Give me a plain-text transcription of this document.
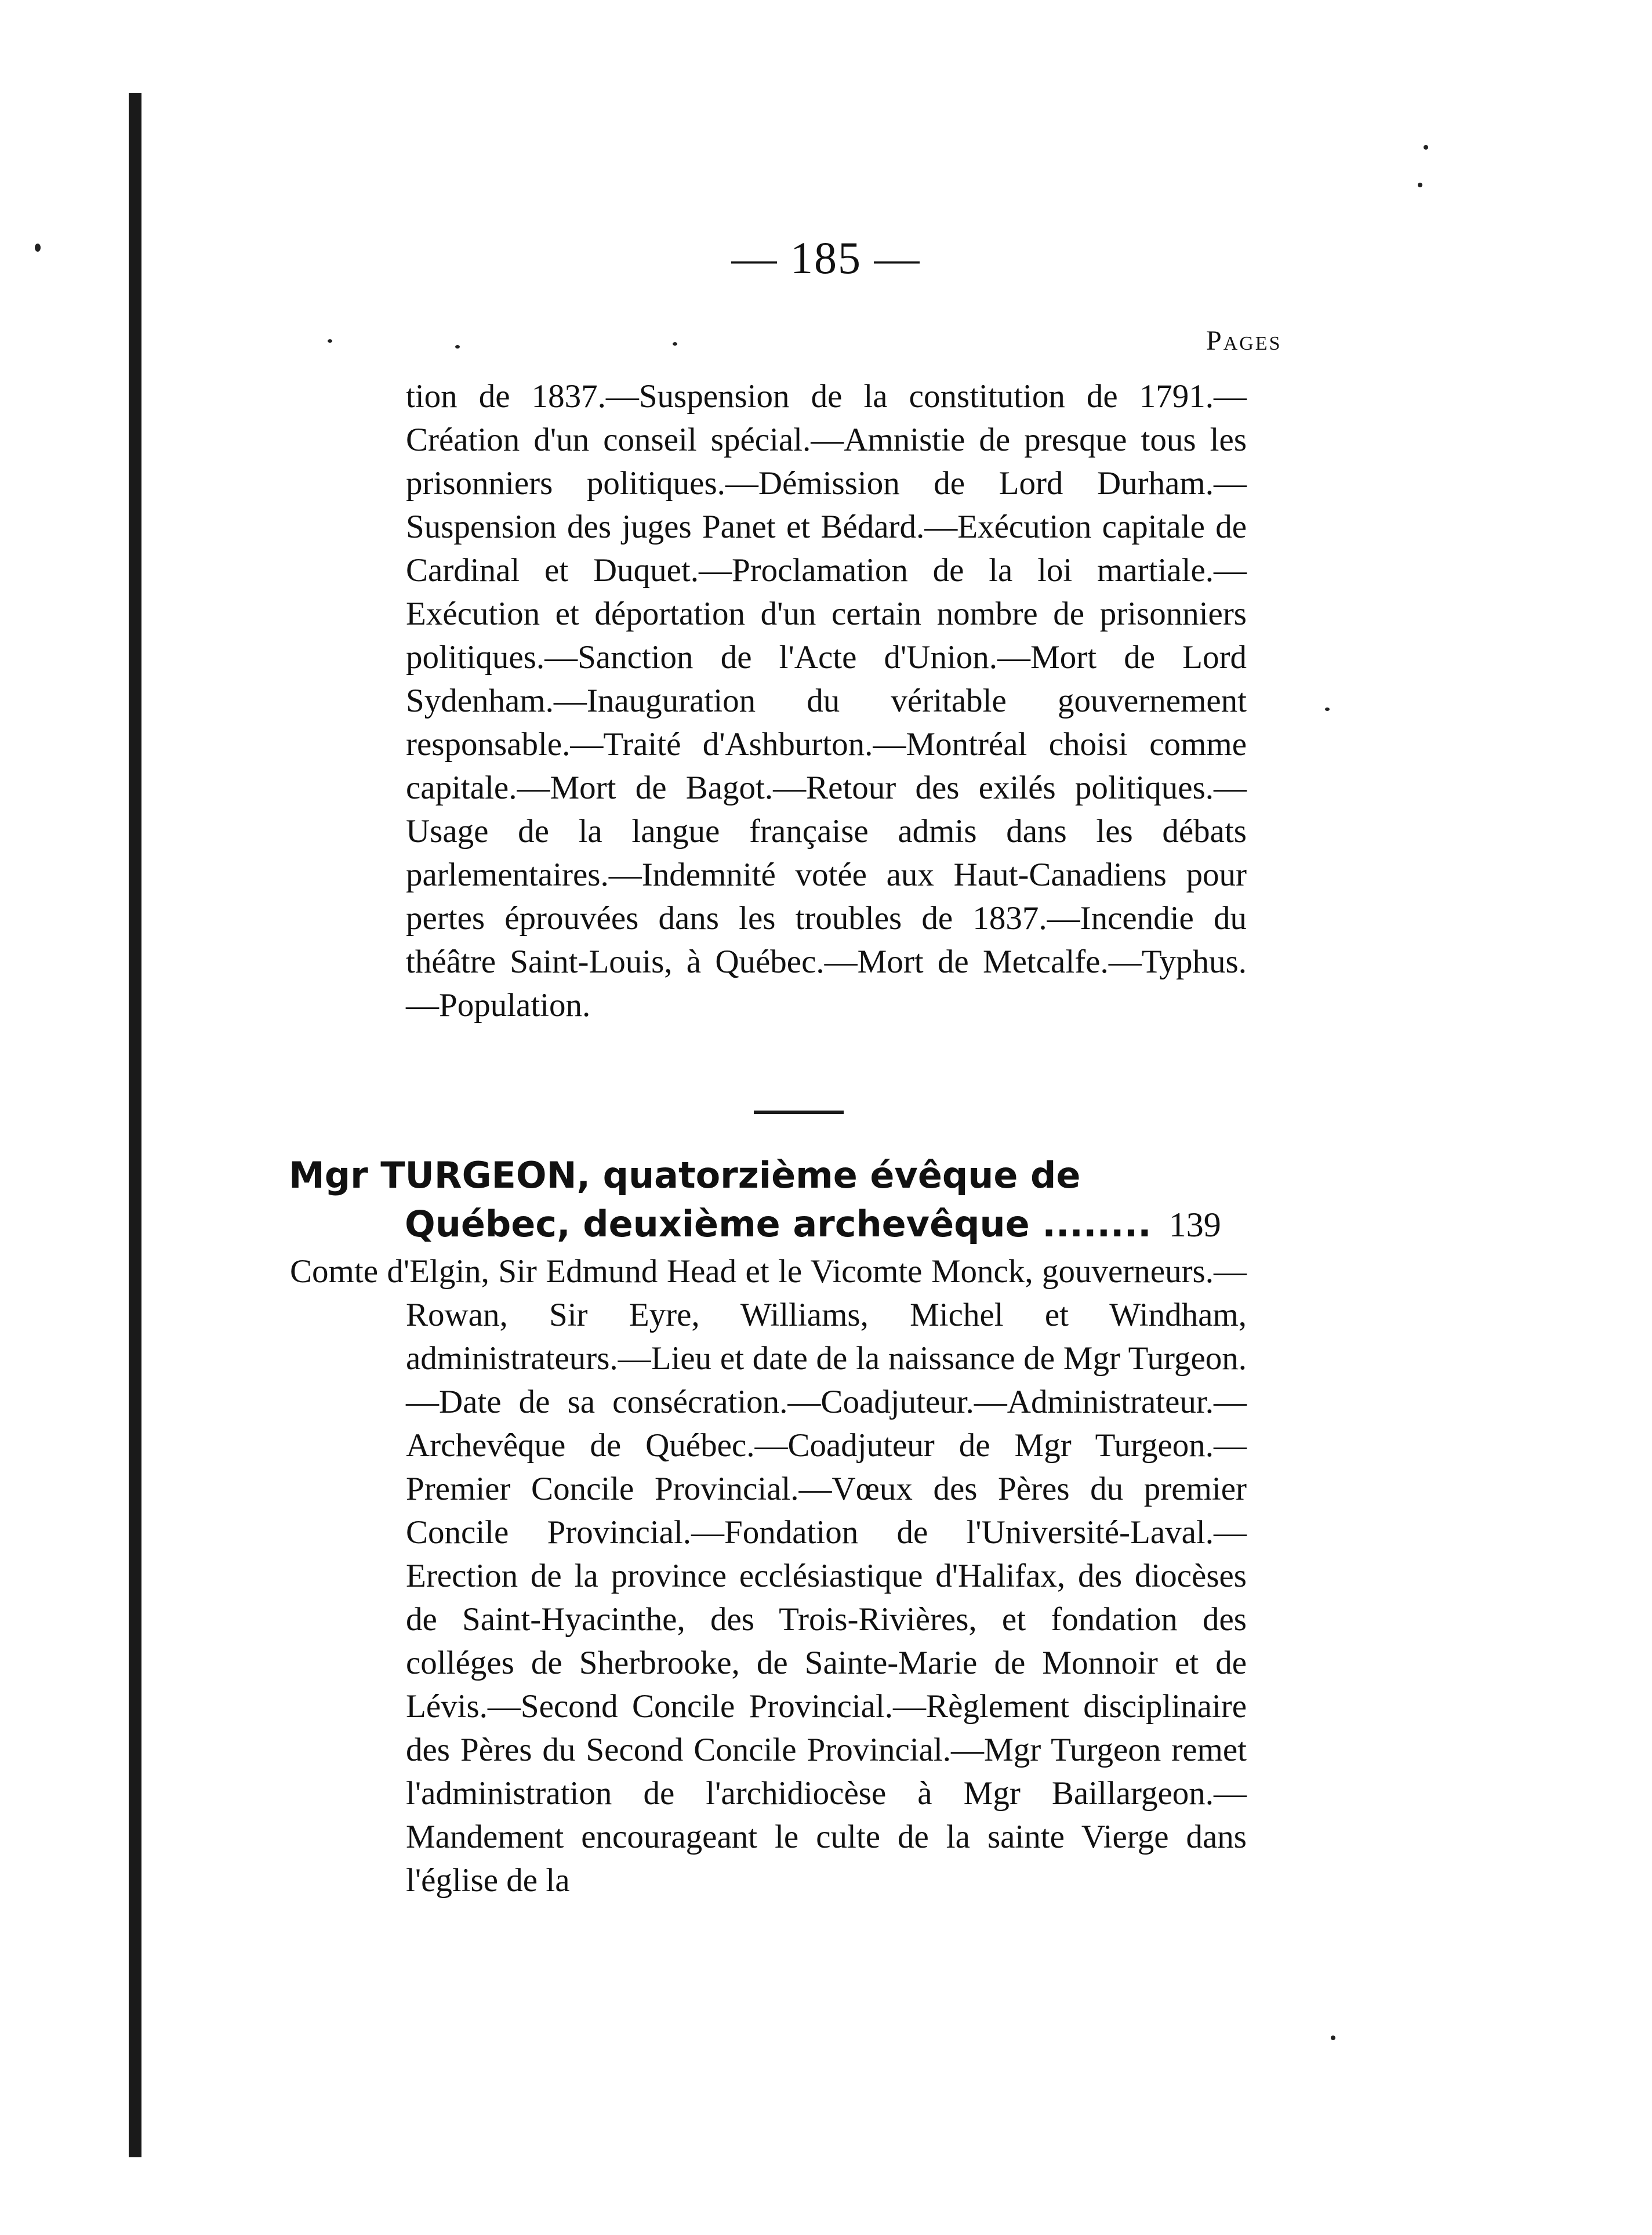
— 185 —
Pages

tion de 1837.—Suspension de la constitution de 1791.—Création d'un conseil spécial.—Amnistie de presque tous les prisonniers politiques.—Démission de Lord Durham.—Suspension des juges Panet et Bédard.—Exécution capitale de Cardinal et Duquet.—Proclamation de la loi martiale.—Exécution et déportation d'un certain nombre de prisonniers politiques.—Sanction de l'Acte d'Union.—Mort de Lord Sydenham.—Inauguration du véritable gouvernement responsable.—Traité d'Ashburton.—Montréal choisi comme capitale.—Mort de Bagot.—Retour des exilés politiques.—Usage de la langue française admis dans les débats parlementaires.—Indemnité votée aux Haut-Canadiens pour pertes éprouvées dans les troubles de 1837.—Incendie du théâtre Saint-Louis, à Québec.—Mort de Metcalfe.—Typhus.—Population.

Mgr TURGEON, quatorzième évêque de
Québec, deuxième archevêque ........ 139

Comte d'Elgin, Sir Edmund Head et le Vicomte Monck, gouverneurs.—Rowan, Sir Eyre, Williams, Michel et Windham, administrateurs.—Lieu et date de la naissance de Mgr Turgeon.—Date de sa consécration.—Coadjuteur.—Administrateur.— Archevêque de Québec.—Coadjuteur de Mgr Turgeon.—Premier Concile Provincial.—Vœux des Pères du premier Concile Provincial.—Fondation de l'Université-Laval.—Erection de la province ecclésiastique d'Halifax, des diocèses de Saint-Hyacinthe, des Trois-Rivières, et fondation des colléges de Sherbrooke, de Sainte-Marie de Monnoir et de Lévis.—Second Concile Provincial.—Règlement disciplinaire des Pères du Second Concile Provincial.—Mgr Turgeon remet l'administration de l'archidiocèse à Mgr Baillargeon.—Mandement encourageant le culte de la sainte Vierge dans l'église de la
